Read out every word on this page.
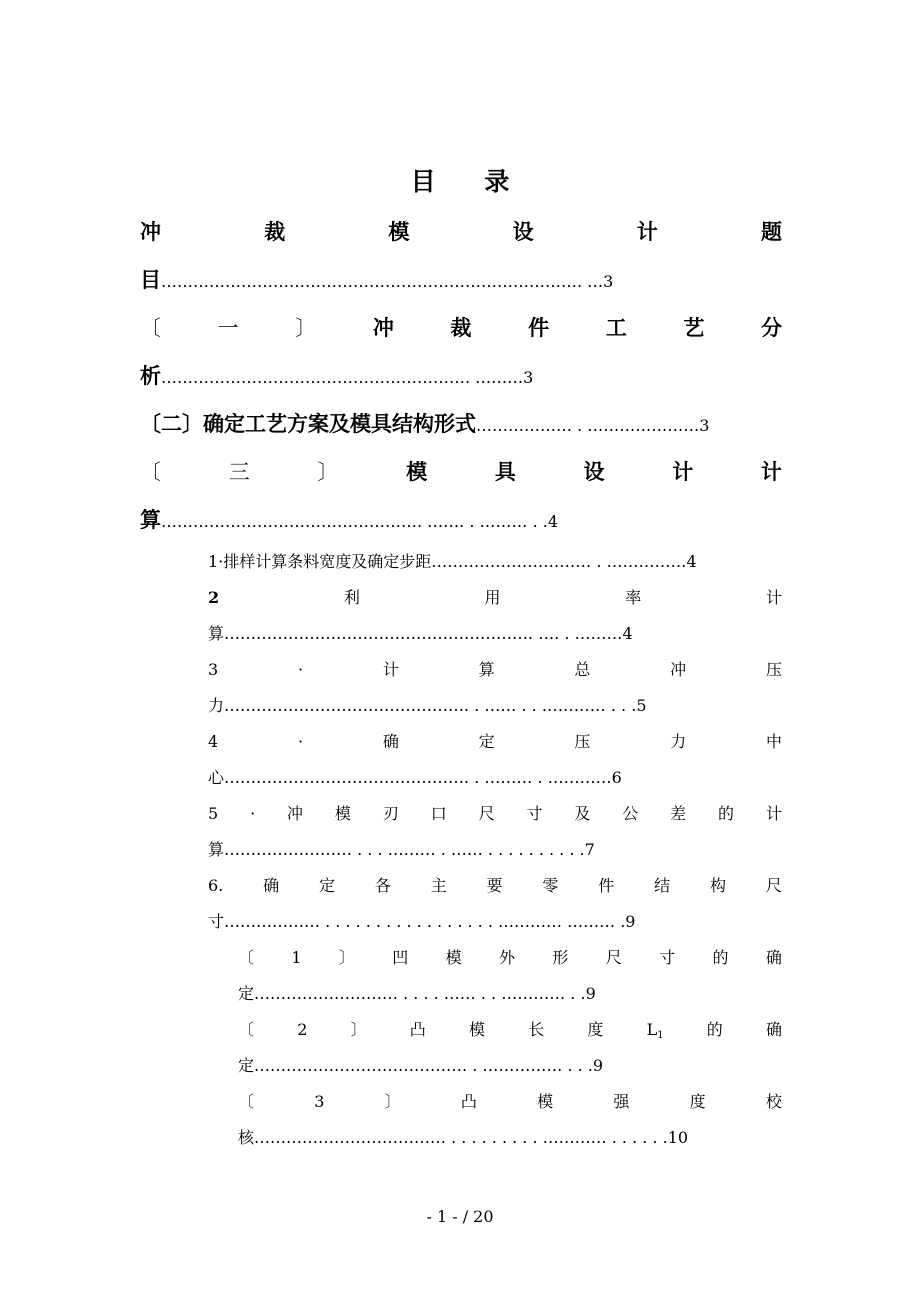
目 录
冲	裁	模	设	计	题
目……………………………………………………………………. …3
〔	一	〕	冲	裁	件	工	艺	分
析…………………………………………………. ………3
〔二〕确定工艺方案及模具结构形式……………… . …………………3
〔	三	〕	模	具	设	计	计
算…………………………………………. ……. . ……… . .4
1·排样计算条料宽度及确定步距………………………… . ……………4
2	利	用	率	计
算…………………………………………………. …. . ………4
3	·	计	算	总	冲	压
力………………………………………. . …… . . ………… . . .5
4	·	确	定	压	力	中
心………………………………………. . ……… . …………6
5 · 冲 模 刃 口 尺 寸 及 公 差 的 计
算…………………… . . . ……… . …… . . . . . . . . . .7
6. 确 定 各 主 要 零 件 结 构 尺
寸……………… . . . . . . . . . . . . . . . . . ………… ……… .9
〔 1 〕 凹 模 外 形 尺 寸 的 确
定……………………… . . . . …… . . ………… . .9
〔	2	〕	凸	模	长	度	L1	的	确
定…………………………………. . …………… . . .9
〔	3	〕	凸	模	强	度	校
核……………………………… . . . . . . . . . ………… . . . . . .10
- 1 - / 20
